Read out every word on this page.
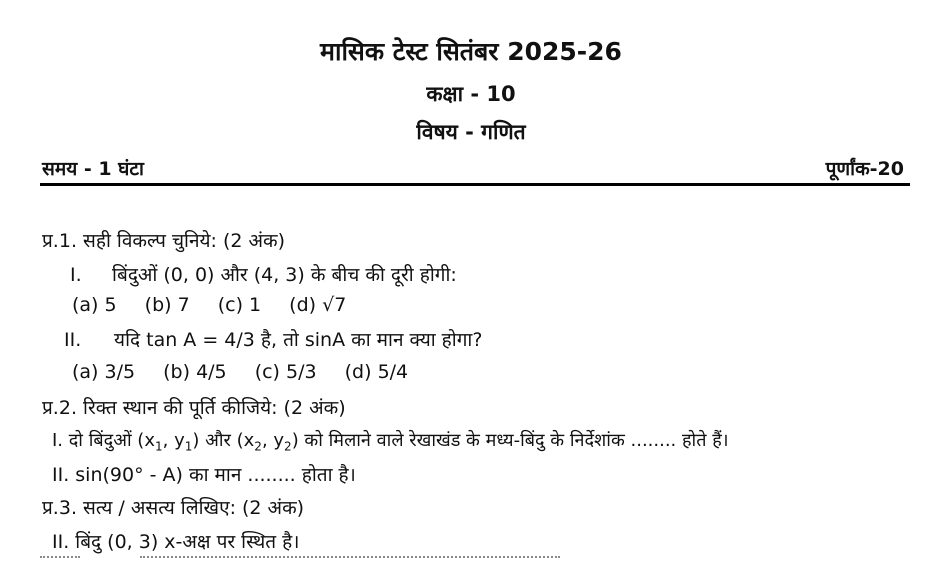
मासिक टेस्ट सितंबर 2025-26
कक्षा - 10
विषय - गणित
समय - 1 घंटा	पूर्णांक-20
प्र.1. सही विकल्प चुनिये: (2 अंक)
I. बिंदुओं (0, 0) और (4, 3) के बीच की दूरी होगी:
(a) 5 (b) 7 (c) 1 (d) √7
II. यदि tan A = 4/3 है, तो sinA का मान क्या होगा?
(a) 3/5 (b) 4/5 (c) 5/3 (d) 5/4
प्र.2. रिक्त स्थान की पूर्ति कीजिये: (2 अंक)
I. दो बिंदुओं ($x_1$, $y_1$) और ($x_2$, $y_2$) को मिलाने वाले रेखाखंड के मध्य-बिंदु के निर्देशांक ........ होते हैं।
II. sin(90° - A) का मान ........ होता है।
प्र.3. सत्य / असत्य लिखिए: (2 अंक)
II. बिंदु (0, 3) x-अक्ष पर स्थित है।
